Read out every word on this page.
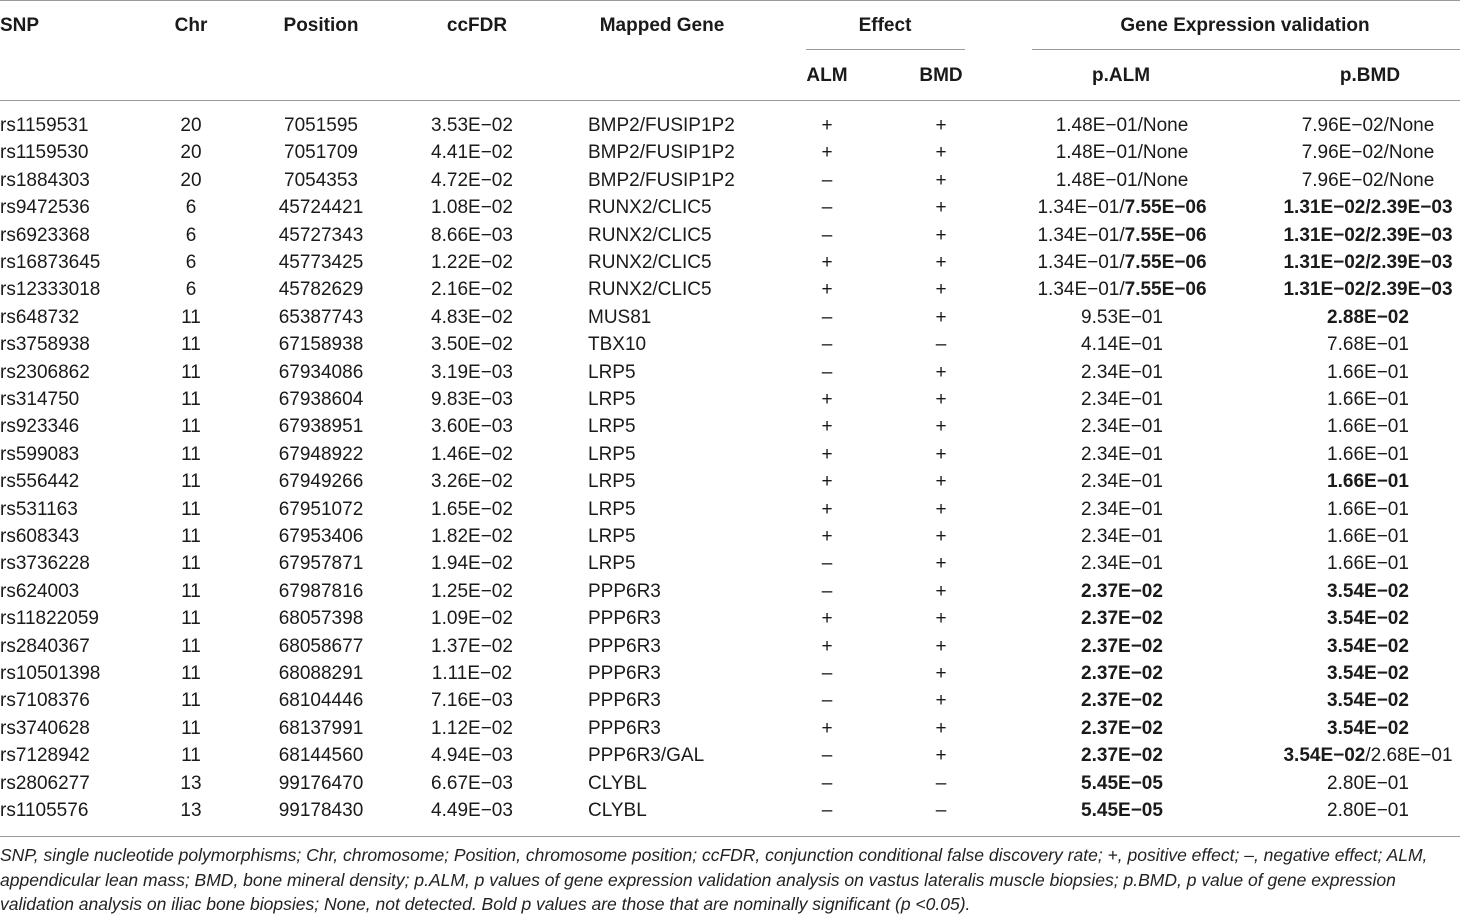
SNP	Chr	Position	ccFDR	Mapped Gene	Effect	Gene Expression validation
ALM	BMD	p.ALM	p.BMD
rs1159531	20	7051595	3.53E−02	BMP2/FUSIP1P2	+	+	1.48E−01/None	7.96E−02/None
rs1159530	20	7051709	4.41E−02	BMP2/FUSIP1P2	+	+	1.48E−01/None	7.96E−02/None
rs1884303	20	7054353	4.72E−02	BMP2/FUSIP1P2	–	+	1.48E−01/None	7.96E−02/None
rs9472536	6	45724421	1.08E−02	RUNX2/CLIC5	–	+	1.34E−01/7.55E−06	1.31E−02/2.39E−03
rs6923368	6	45727343	8.66E−03	RUNX2/CLIC5	–	+	1.34E−01/7.55E−06	1.31E−02/2.39E−03
rs16873645	6	45773425	1.22E−02	RUNX2/CLIC5	+	+	1.34E−01/7.55E−06	1.31E−02/2.39E−03
rs12333018	6	45782629	2.16E−02	RUNX2/CLIC5	+	+	1.34E−01/7.55E−06	1.31E−02/2.39E−03
rs648732	11	65387743	4.83E−02	MUS81	–	+	9.53E−01	2.88E−02
rs3758938	11	67158938	3.50E−02	TBX10	–	–	4.14E−01	7.68E−01
rs2306862	11	67934086	3.19E−03	LRP5	–	+	2.34E−01	1.66E−01
rs314750	11	67938604	9.83E−03	LRP5	+	+	2.34E−01	1.66E−01
rs923346	11	67938951	3.60E−03	LRP5	+	+	2.34E−01	1.66E−01
rs599083	11	67948922	1.46E−02	LRP5	+	+	2.34E−01	1.66E−01
rs556442	11	67949266	3.26E−02	LRP5	+	+	2.34E−01	1.66E−01
rs531163	11	67951072	1.65E−02	LRP5	+	+	2.34E−01	1.66E−01
rs608343	11	67953406	1.82E−02	LRP5	+	+	2.34E−01	1.66E−01
rs3736228	11	67957871	1.94E−02	LRP5	–	+	2.34E−01	1.66E−01
rs624003	11	67987816	1.25E−02	PPP6R3	–	+	2.37E−02	3.54E−02
rs11822059	11	68057398	1.09E−02	PPP6R3	+	+	2.37E−02	3.54E−02
rs2840367	11	68058677	1.37E−02	PPP6R3	+	+	2.37E−02	3.54E−02
rs10501398	11	68088291	1.11E−02	PPP6R3	–	+	2.37E−02	3.54E−02
rs7108376	11	68104446	7.16E−03	PPP6R3	–	+	2.37E−02	3.54E−02
rs3740628	11	68137991	1.12E−02	PPP6R3	+	+	2.37E−02	3.54E−02
rs7128942	11	68144560	4.94E−03	PPP6R3/GAL	–	+	2.37E−02	3.54E−02/2.68E−01
rs2806277	13	99176470	6.67E−03	CLYBL	–	–	5.45E−05	2.80E−01
rs1105576	13	99178430	4.49E−03	CLYBL	–	–	5.45E−05	2.80E−01
SNP, single nucleotide polymorphisms; Chr, chromosome; Position, chromosome position; ccFDR, conjunction conditional false discovery rate; +, positive effect; –, negative effect; ALM, appendicular lean mass; BMD, bone mineral density; p.ALM, p values of gene expression validation analysis on vastus lateralis muscle biopsies; p.BMD, p value of gene expression validation analysis on iliac bone biopsies; None, not detected. Bold p values are those that are nominally significant (p <0.05).
